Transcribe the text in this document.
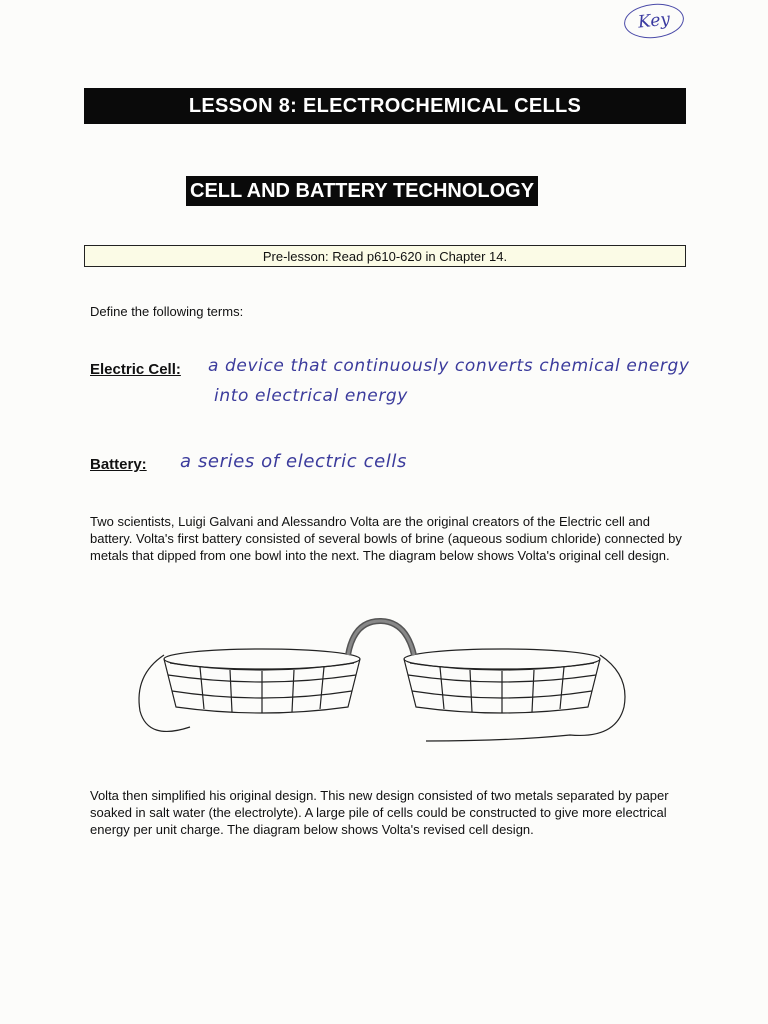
Key
LESSON 8: ELECTROCHEMICAL CELLS
CELL AND BATTERY TECHNOLOGY
Pre-lesson: Read p610-620 in Chapter 14.
Define the following terms:
Electric Cell: a device that continuously converts chemical energy
into electrical energy
Battery: a series of electric cells
Two scientists, Luigi Galvani and Alessandro Volta are the original creators of the Electric cell and battery. Volta's first battery consisted of several bowls of brine (aqueous sodium chloride) connected by metals that dipped from one bowl into the next. The diagram below shows Volta's original cell design.
Volta then simplified his original design. This new design consisted of two metals separated by paper soaked in salt water (the electrolyte). A large pile of cells could be constructed to give more electrical energy per unit charge. The diagram below shows Volta's revised cell design.
